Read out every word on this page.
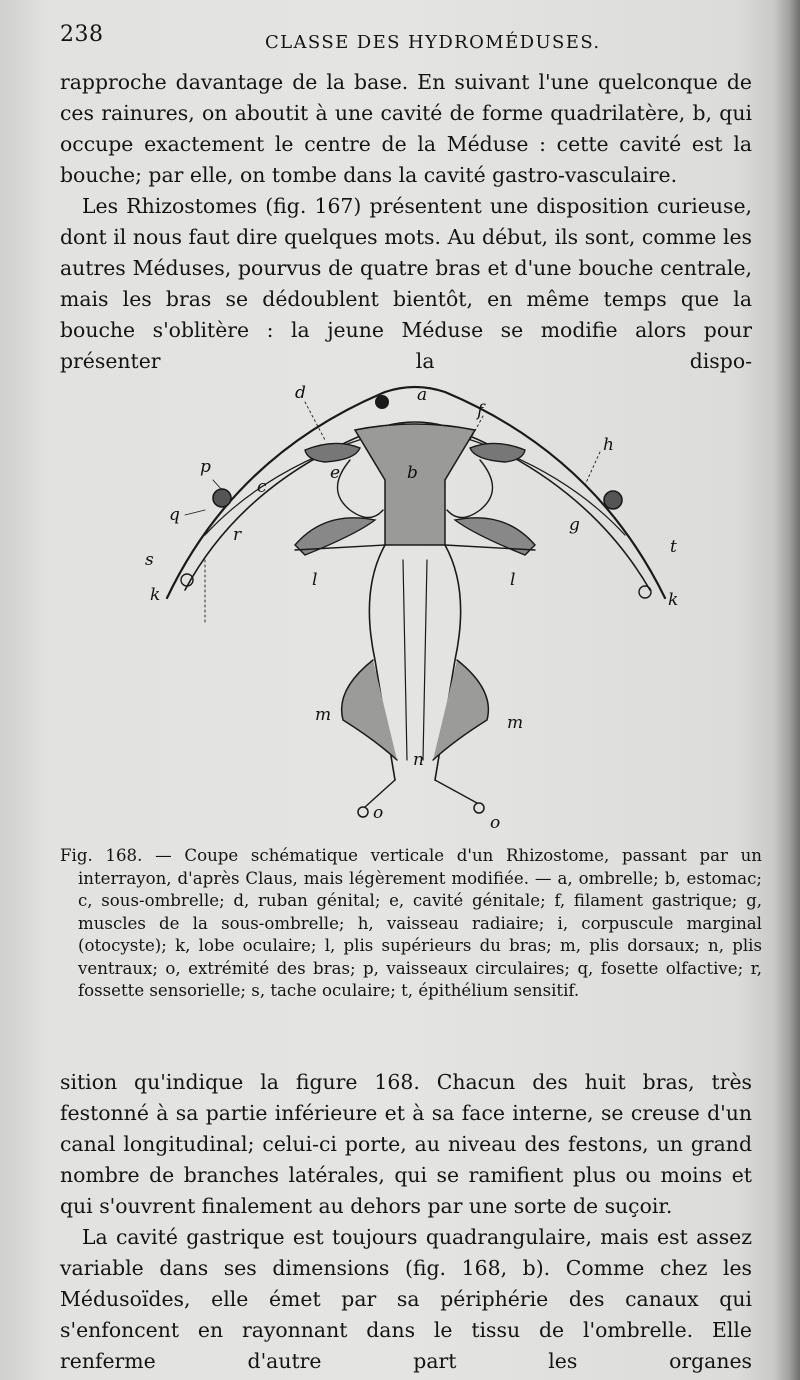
238	CLASSE DES HYDROMÉDUSES.

rapproche davantage de la base. En suivant l'une quelconque de ces rainures, on aboutit à une cavité de forme quadrilatère, b, qui occupe exactement le centre de la Méduse : cette cavité est la bouche; par elle, on tombe dans la cavité gastro-vasculaire.

Les Rhizostomes (fig. 167) présentent une disposition curieuse, dont il nous faut dire quelques mots. Au début, ils sont, comme les autres Méduses, pourvus de quatre bras et d'une bouche centrale, mais les bras se dédoublent bientôt, en même temps que la bouche s'oblitère : la jeune Méduse se modifie alors pour présenter la dispo-

a
b
c
d
e
f
g
h
k	k
l	l
m	m
n
o	o
p
q
r
s
t

Fig. 168. — Coupe schématique verticale d'un Rhizostome, passant par un interrayon, d'après Claus, mais légèrement modifiée. — a, ombrelle; b, estomac; c, sous-ombrelle; d, ruban génital; e, cavité génitale; f, filament gastrique; g, muscles de la sous-ombrelle; h, vaisseau radiaire; i, corpuscule marginal (otocyste); k, lobe oculaire; l, plis supérieurs du bras; m, plis dorsaux; n, plis ventraux; o, extrémité des bras; p, vaisseaux circulaires; q, fosette olfactive; r, fossette sensorielle; s, tache oculaire; t, épithélium sensitif.

sition qu'indique la figure 168. Chacun des huit bras, très festonné à sa partie inférieure et à sa face interne, se creuse d'un canal longitudinal; celui-ci porte, au niveau des festons, un grand nombre de branches latérales, qui se ramifient plus ou moins et qui s'ouvrent finalement au dehors par une sorte de suçoir.

La cavité gastrique est toujours quadrangulaire, mais est assez variable dans ses dimensions (fig. 168, b). Comme chez les Médusoïdes, elle émet par sa périphérie des canaux qui s'enfoncent en rayonnant dans le tissu de l'ombrelle. Elle renferme d'autre part les organes
